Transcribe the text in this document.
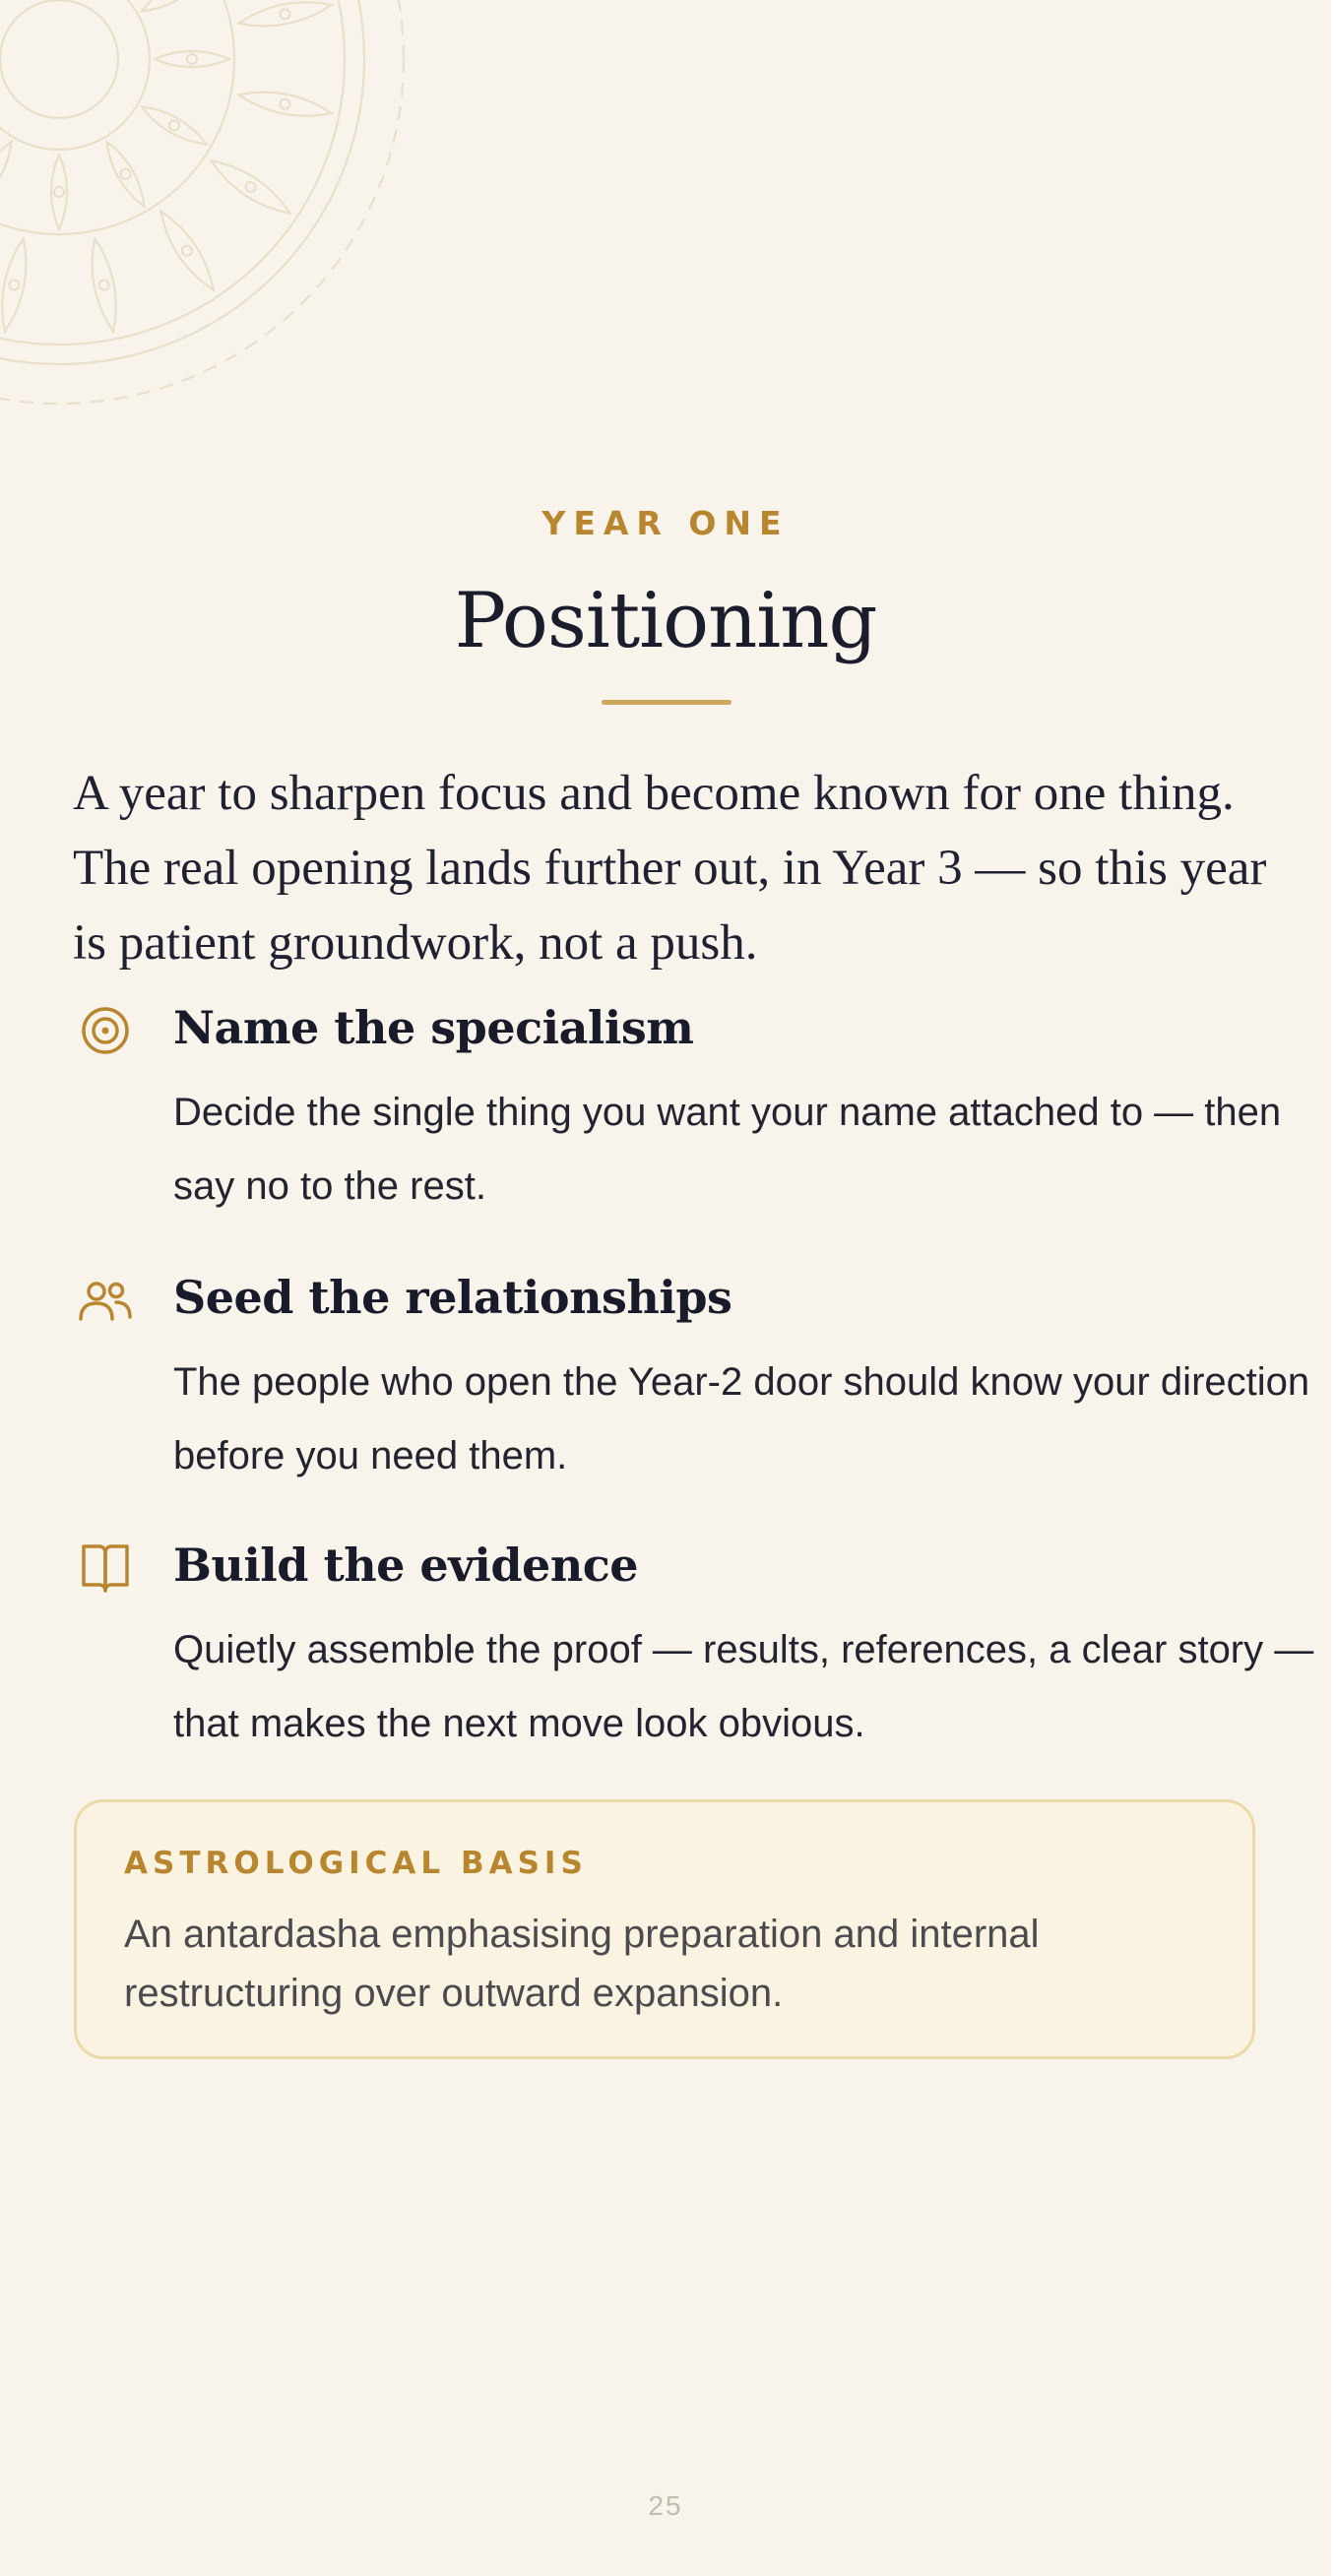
YEAR ONE
Positioning
A year to sharpen focus and become known for one thing. The real opening lands further out, in Year 3 — so this year is patient groundwork, not a push.
Name the specialism
Decide the single thing you want your name attached to — then say no to the rest.
Seed the relationships
The people who open the Year-2 door should know your direction before you need them.
Build the evidence
Quietly assemble the proof — results, references, a clear story — that makes the next move look obvious.
ASTROLOGICAL BASIS
An antardasha emphasising preparation and internal restructuring over outward expansion.
25
